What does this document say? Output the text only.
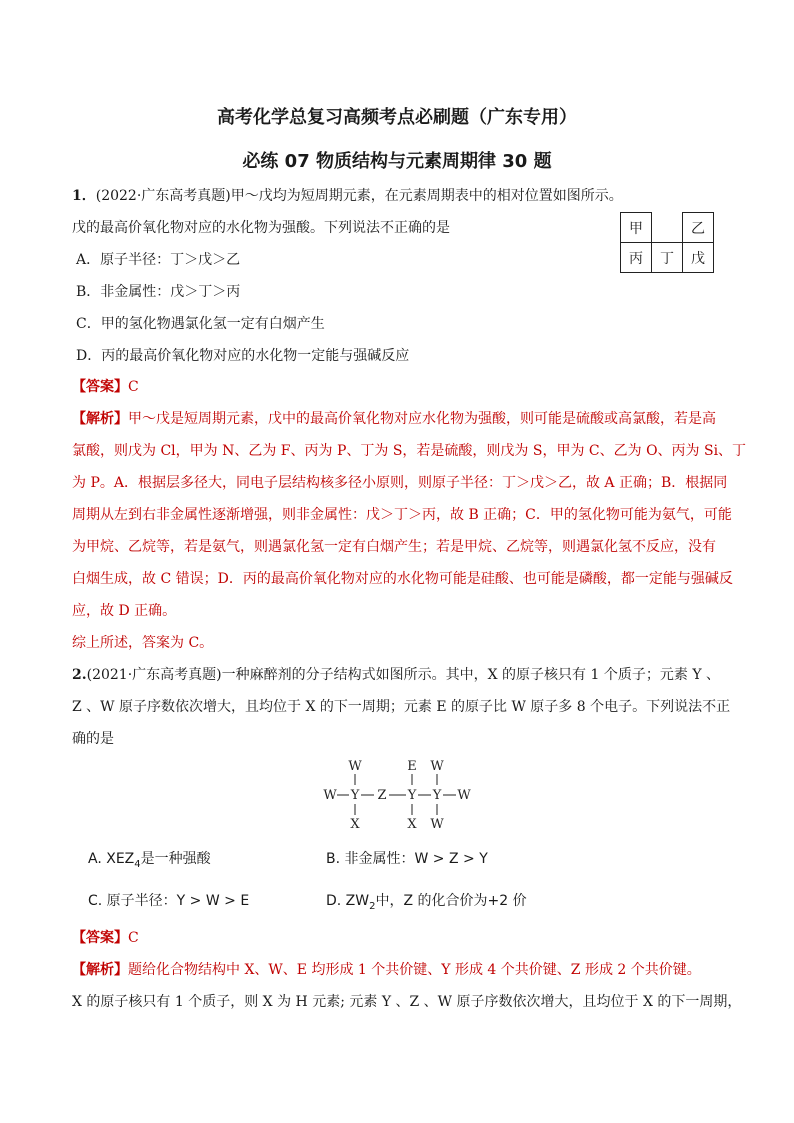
高考化学总复习高频考点必刷题（广东专用）
必练 07 物质结构与元素周期律 30 题
1．(2022·广东高考真题)甲～戊均为短周期元素，在元素周期表中的相对位置如图所示。
戊的最高价氧化物对应的水化物为强酸。下列说法不正确的是	甲		乙
丙	丁	戊
A．原子半径：丁＞戊＞乙
B．非金属性：戊＞丁＞丙
C．甲的氢化物遇氯化氢一定有白烟产生
D．丙的最高价氧化物对应的水化物一定能与强碱反应
【答案】C
【解析】甲～戊是短周期元素，戊中的最高价氧化物对应水化物为强酸，则可能是硫酸或高氯酸，若是高
氯酸，则戊为 Cl，甲为 N、乙为 F、丙为 P、丁为 S，若是硫酸，则戊为 S，甲为 C、乙为 O、丙为 Si、丁
为 P。A．根据层多径大，同电子层结构核多径小原则，则原子半径：丁＞戊＞乙，故 A 正确；B．根据同
周期从左到右非金属性逐渐增强，则非金属性：戊＞丁＞丙，故 B 正确；C．甲的氢化物可能为氨气，可能
为甲烷、乙烷等，若是氨气，则遇氯化氢一定有白烟产生；若是甲烷、乙烷等，则遇氯化氢不反应，没有
白烟生成，故 C 错误；D．丙的最高价氧化物对应的水化物可能是硅酸、也可能是磷酸，都一定能与强碱反
应，故 D 正确。
综上所述，答案为 C。
2.(2021·广东高考真题)一种麻醉剂的分子结构式如图所示。其中，X 的原子核只有 1 个质子；元素 Y 、
Z 、W 原子序数依次增大，且均位于 X 的下一周期；元素 E 的原子比 W 原子多 8 个电子。下列说法不正
确的是
W	E W
W Y Z Y Y W
X	X W
A. $XEZ_4$是一种强酸	B. 非金属性：W > Z > Y
C. 原子半径：Y > W > E	D. $ZW_2$中，Z 的化合价为+2 价
【答案】C
【解析】题给化合物结构中 X、W、E 均形成 1 个共价键、Y 形成 4 个共价键、Z 形成 2 个共价键。
X 的原子核只有 1 个质子，则 X 为 H 元素; 元素 Y 、Z 、W 原子序数依次增大，且均位于 X 的下一周期，
